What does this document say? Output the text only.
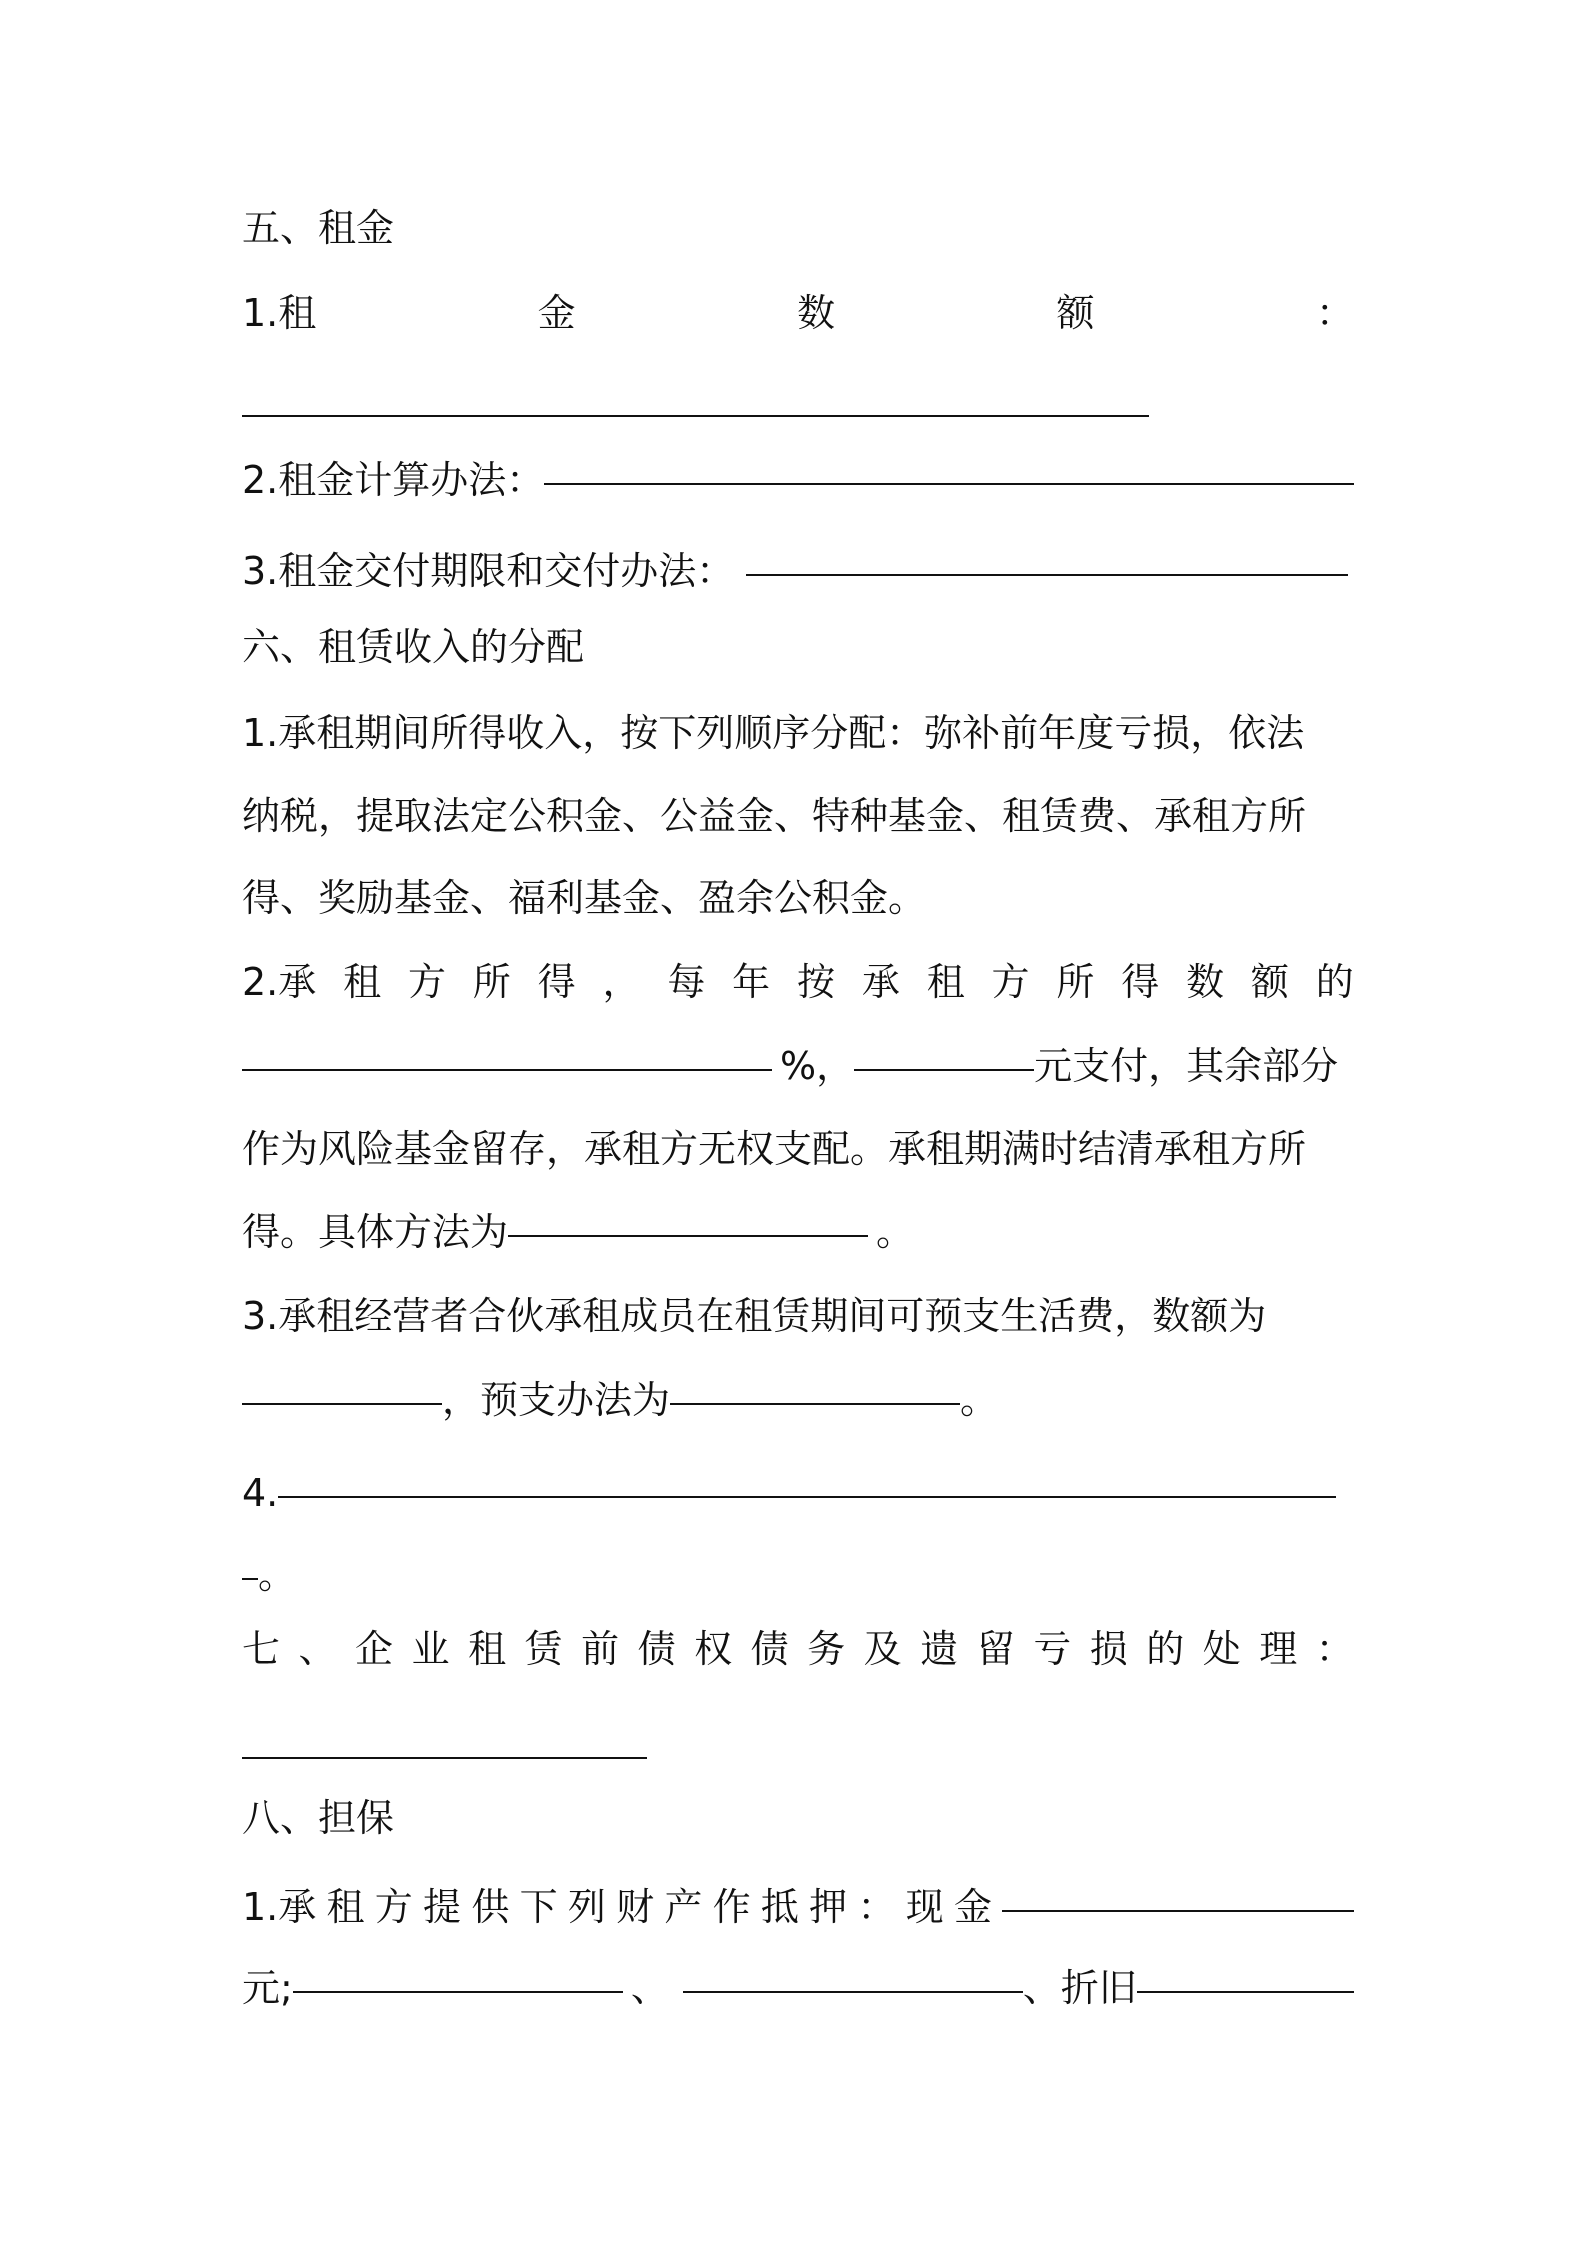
五、租金
1.租	金	数	额	：
2.租金计算办法：
3.租金交付期限和交付办法：
六、租赁收入的分配
1.承租期间所得收入，按下列顺序分配：弥补前年度亏损，依法
纳税，提取法定公积金、公益金、特种基金、租赁费、承租方所
得、奖励基金、福利基金、盈余公积金。
2.承 租 方 所 得 ， 每 年 按 承 租 方 所 得 数 额 的
%，	元支付，其余部分
作为风险基金留存，承租方无权支配。承租期满时结清承租方所
得。具体方法为	。
3.承租经营者合伙承租成员在租赁期间可预支生活费，数额为
，预支办法为	。
4.
。
七 、 企 业 租 赁 前 债 权 债 务 及 遗 留 亏 损 的 处 理 ：
八、担保
1.承 租 方 提 供 下 列 财 产 作 抵 押 ： 现 金
元;	、	、折旧
